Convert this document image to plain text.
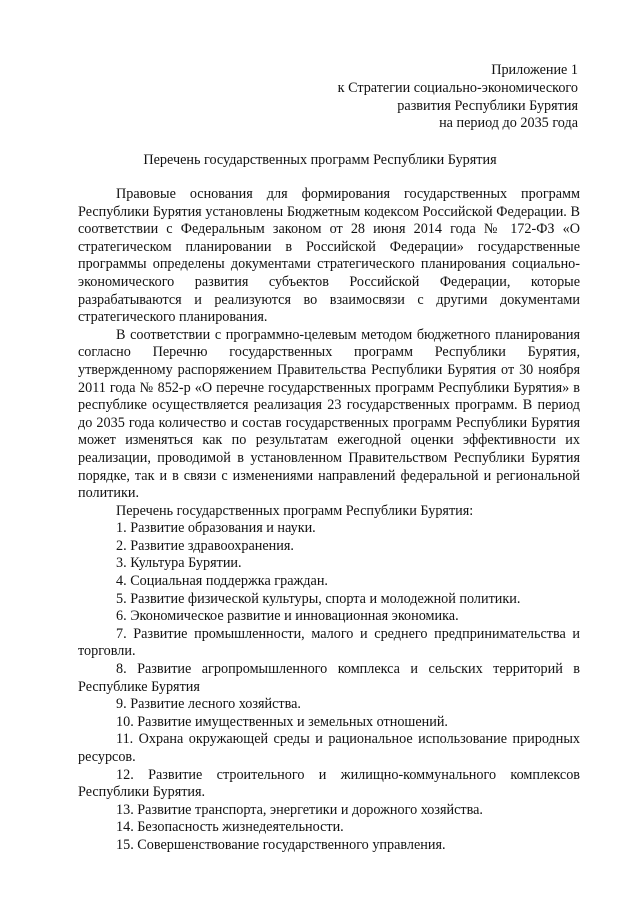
Приложение 1
к Стратегии социально-экономического
развития Республики Бурятия
на период до 2035 года
Перечень государственных программ Республики Бурятия

Правовые основания для формирования государственных программ Республики Бурятия установлены Бюджетным кодексом Российской Федерации. В соответствии с Федеральным законом от 28 июня 2014 года № 172-ФЗ «О стратегическом планировании в Российской Федерации» государственные программы определены документами стратегического планирования социально-экономического развития субъектов Российской Федерации, которые разрабатываются и реализуются во взаимосвязи с другими документами стратегического планирования.

В соответствии с программно-целевым методом бюджетного планирования согласно Перечню государственных программ Республики Бурятия, утвержденному распоряжением Правительства Республики Бурятия от 30 ноября 2011 года № 852-р «О перечне государственных программ Республики Бурятия» в республике осуществляется реализация 23 государственных программ. В период до 2035 года количество и состав государственных программ Республики Бурятия может изменяться как по результатам ежегодной оценки эффективности их реализации, проводимой в установленном Правительством Республики Бурятия порядке, так и в связи с изменениями направлений федеральной и региональной политики.

Перечень государственных программ Республики Бурятия:

1. Развитие образования и науки.
2. Развитие здравоохранения.
3. Культура Бурятии.
4. Социальная поддержка граждан.
5. Развитие физической культуры, спорта и молодежной политики.
6. Экономическое развитие и инновационная экономика.
7. Развитие промышленности, малого и среднего предпринимательства и торговли.
8. Развитие агропромышленного комплекса и сельских территорий в Республике Бурятия
9. Развитие лесного хозяйства.
10. Развитие имущественных и земельных отношений.
11. Охрана окружающей среды и рациональное использование природных ресурсов.
12. Развитие строительного и жилищно-коммунального комплексов Республики Бурятия.
13. Развитие транспорта, энергетики и дорожного хозяйства.
14. Безопасность жизнедеятельности.
15. Совершенствование государственного управления.
